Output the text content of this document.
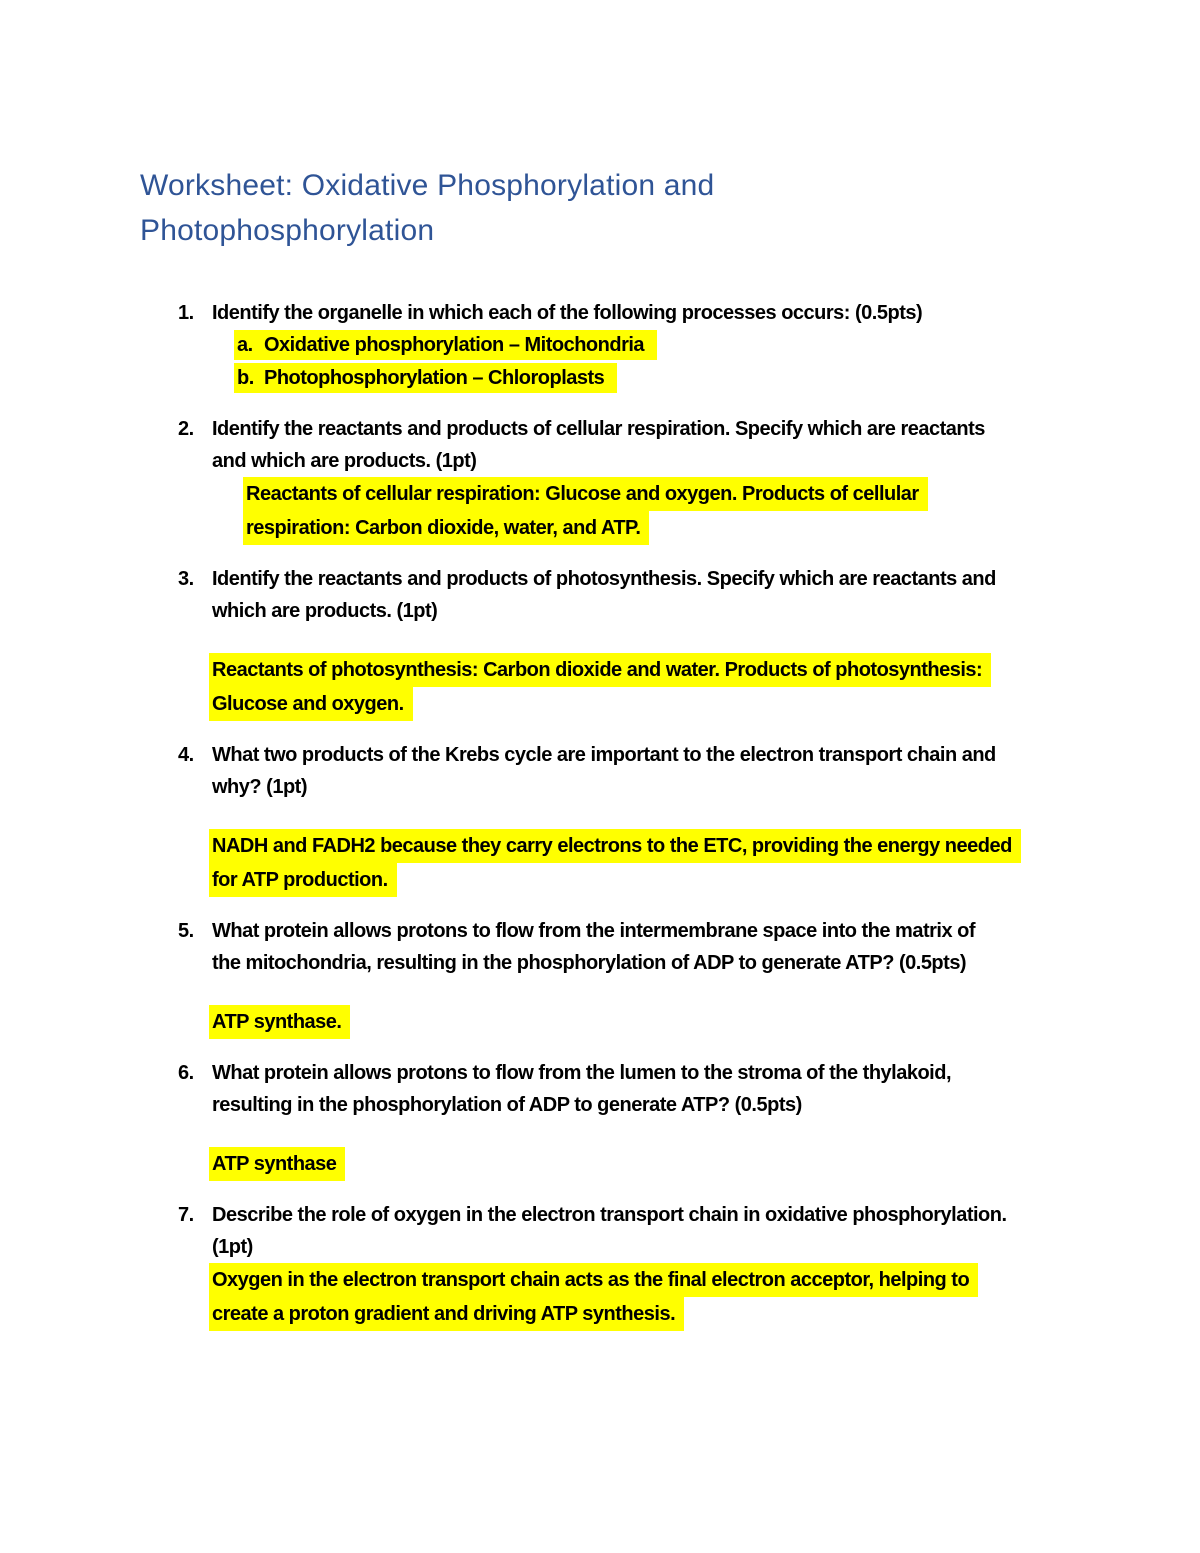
Worksheet: Oxidative Phosphorylation and
Photophosphorylation
1. Identify the organelle in which each of the following processes occurs: (0.5pts)
a. Oxidative phosphorylation – Mitochondria
b. Photophosphorylation – Chloroplasts
2. Identify the reactants and products of cellular respiration. Specify which are reactants
and which are products. (1pt)
Reactants of cellular respiration: Glucose and oxygen. Products of cellular
respiration: Carbon dioxide, water, and ATP.
3. Identify the reactants and products of photosynthesis. Specify which are reactants and
which are products. (1pt)
Reactants of photosynthesis: Carbon dioxide and water. Products of photosynthesis:
Glucose and oxygen.
4. What two products of the Krebs cycle are important to the electron transport chain and
why? (1pt)
NADH and FADH2 because they carry electrons to the ETC, providing the energy needed
for ATP production.
5. What protein allows protons to flow from the intermembrane space into the matrix of
the mitochondria, resulting in the phosphorylation of ADP to generate ATP? (0.5pts)
ATP synthase.
6. What protein allows protons to flow from the lumen to the stroma of the thylakoid,
resulting in the phosphorylation of ADP to generate ATP? (0.5pts)
ATP synthase
7. Describe the role of oxygen in the electron transport chain in oxidative phosphorylation.
(1pt)
Oxygen in the electron transport chain acts as the final electron acceptor, helping to
create a proton gradient and driving ATP synthesis.
